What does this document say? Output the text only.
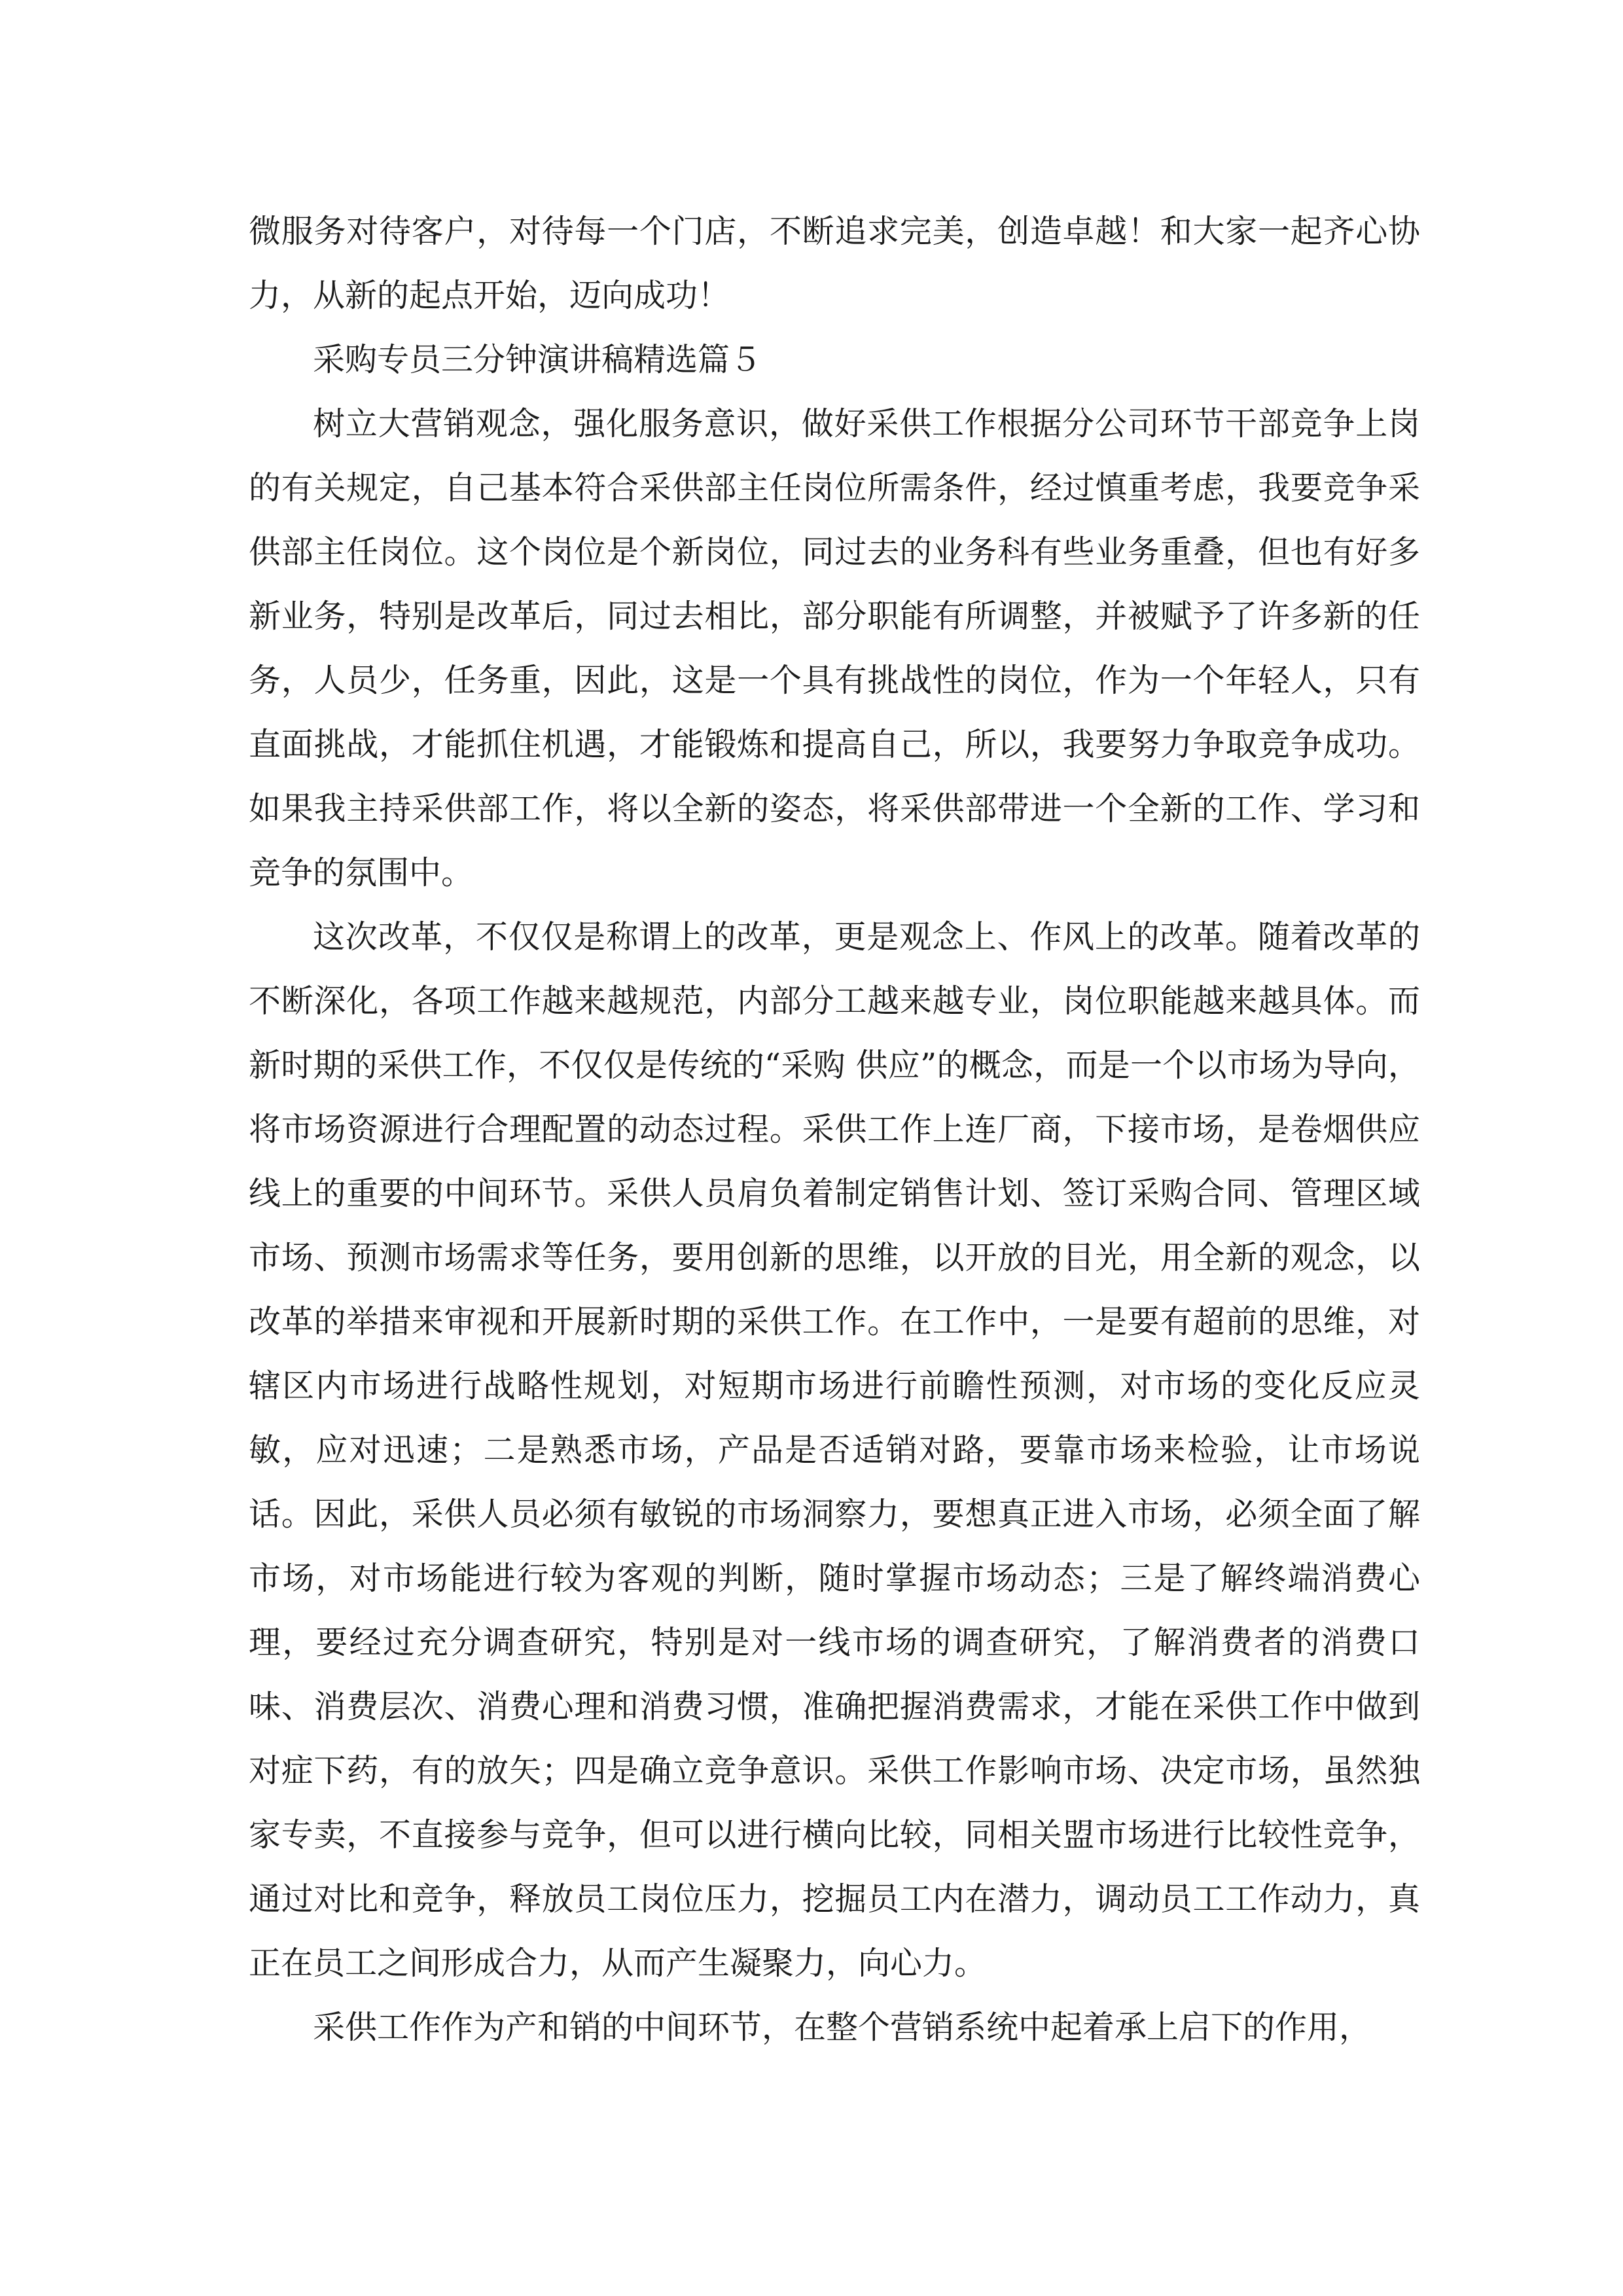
微服务对待客户，对待每一个门店，不断追求完美，创造卓越！和大家一起齐心协力，从新的起点开始，迈向成功！

采购专员三分钟演讲稿精选篇５

树立大营销观念，强化服务意识，做好采供工作根据分公司环节干部竞争上岗的有关规定，自己基本符合采供部主任岗位所需条件，经过慎重考虑，我要竞争采供部主任岗位。这个岗位是个新岗位，同过去的业务科有些业务重叠，但也有好多新业务，特别是改革后，同过去相比，部分职能有所调整，并被赋予了许多新的任务，人员少，任务重，因此，这是一个具有挑战性的岗位，作为一个年轻人，只有直面挑战，才能抓住机遇，才能锻炼和提高自己，所以，我要努力争取竞争成功。如果我主持采供部工作，将以全新的姿态，将采供部带进一个全新的工作、学习和竞争的氛围中。

这次改革，不仅仅是称谓上的改革，更是观念上、作风上的改革。随着改革的不断深化，各项工作越来越规范，内部分工越来越专业，岗位职能越来越具体。而新时期的采供工作，不仅仅是传统的“采购 供应”的概念，而是一个以市场为导向，将市场资源进行合理配置的动态过程。采供工作上连厂商，下接市场，是卷烟供应线上的重要的中间环节。采供人员肩负着制定销售计划、签订采购合同、管理区域市场、预测市场需求等任务，要用创新的思维，以开放的目光，用全新的观念，以改革的举措来审视和开展新时期的采供工作。在工作中，一是要有超前的思维，对辖区内市场进行战略性规划，对短期市场进行前瞻性预测，对市场的变化反应灵敏，应对迅速；二是熟悉市场，产品是否适销对路，要靠市场来检验，让市场说话。因此，采供人员必须有敏锐的市场洞察力，要想真正进入市场，必须全面了解市场，对市场能进行较为客观的判断，随时掌握市场动态；三是了解终端消费心理，要经过充分调查研究，特别是对一线市场的调查研究，了解消费者的消费口味、消费层次、消费心理和消费习惯，准确把握消费需求，才能在采供工作中做到对症下药，有的放矢；四是确立竞争意识。采供工作影响市场、决定市场，虽然独家专卖，不直接参与竞争，但可以进行横向比较，同相关盟市场进行比较性竞争，通过对比和竞争，释放员工岗位压力，挖掘员工内在潜力，调动员工工作动力，真正在员工之间形成合力，从而产生凝聚力，向心力。

采供工作作为产和销的中间环节，在整个营销系统中起着承上启下的作用，
